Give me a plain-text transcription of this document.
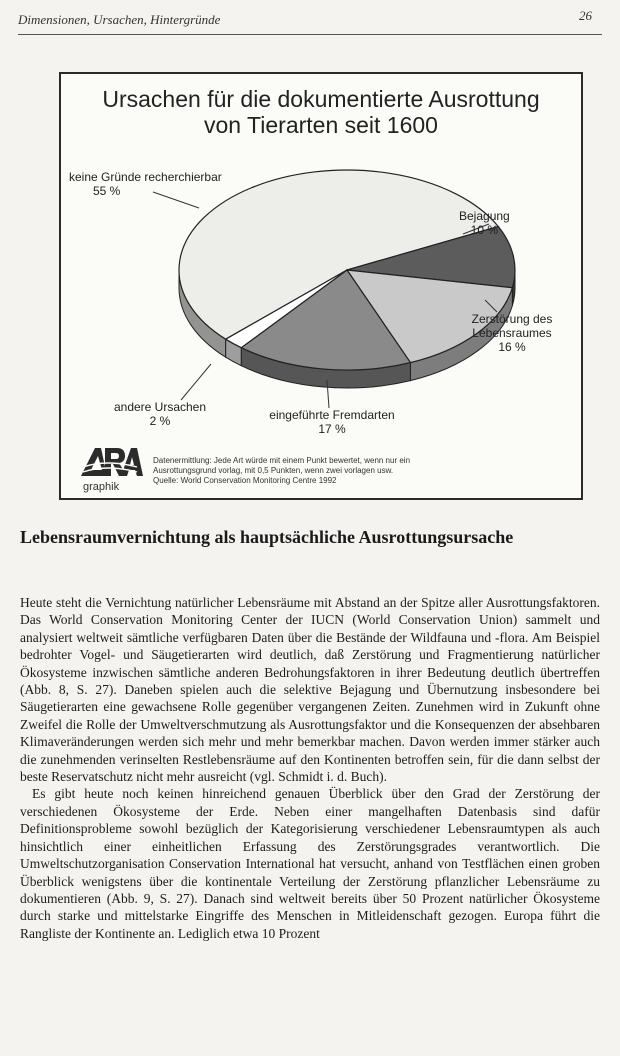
Dimensionen, Ursachen, Hintergründe	26
Ursachen für die dokumentierte Ausrottung
von Tierarten seit 1600
keine Gründe recherchierbar
55 %
Bejagung
10 %
Zerstörung des Lebensraumes
16 %
eingeführte Fremdarten
17 %
andere Ursachen
2 %
graphik
Datenermittlung: Jede Art würde mit einem Punkt bewertet, wenn nur ein
Ausrottungsgrund vorlag, mit 0,5 Punkten, wenn zwei vorlagen usw.
Quelle: World Conservation Monitoring Centre 1992
Lebensraumvernichtung als hauptsächliche Ausrottungsursache

Heute steht die Vernichtung natürlicher Lebensräume mit Abstand an der Spitze aller Ausrottungsfaktoren. Das World Conservation Monitoring Center der IUCN (World Conservation Union) sammelt und analysiert weltweit sämtliche verfügbaren Daten über die Bestände der Wildfauna und -flora. Am Beispiel bedrohter Vogel- und Säugetierarten wird deutlich, daß Zerstörung und Fragmentierung natürlicher Ökosysteme inzwischen sämtliche anderen Bedrohungsfaktoren in ihrer Bedeutung deutlich übertreffen (Abb. 8, S. 27). Daneben spielen auch die selektive Bejagung und Übernutzung insbesondere bei Säugetierarten eine gewachsene Rolle gegenüber vergangenen Zeiten. Zunehmen wird in Zukunft ohne Zweifel die Rolle der Umweltverschmutzung als Ausrottungsfaktor und die Konsequenzen der absehbaren Klimaveränderungen werden sich mehr und mehr bemerkbar machen. Davon werden immer stärker auch die zunehmenden verinselten Restlebensräume auf den Kontinenten betroffen sein, für die dann selbst der beste Reservatschutz nicht mehr ausreicht (vgl. Schmidt i. d. Buch).

Es gibt heute noch keinen hinreichend genauen Überblick über den Grad der Zerstörung der verschiedenen Ökosysteme der Erde. Neben einer mangelhaften Datenbasis sind dafür Definitionsprobleme sowohl bezüglich der Kategorisierung verschiedener Lebensraumtypen als auch hinsichtlich einer einheitlichen Erfassung des Zerstörungsgrades verantwortlich. Die Umweltschutzorganisation Conservation International hat versucht, anhand von Testflächen einen groben Überblick wenigstens über die kontinentale Verteilung der Zerstörung pflanzlicher Lebensräume zu dokumentieren (Abb. 9, S. 27). Danach sind weltweit bereits über 50 Prozent natürlicher Ökosysteme durch starke und mittelstarke Eingriffe des Menschen in Mitleidenschaft gezogen. Europa führt die Rangliste der Kontinente an. Lediglich etwa 10 Prozent
